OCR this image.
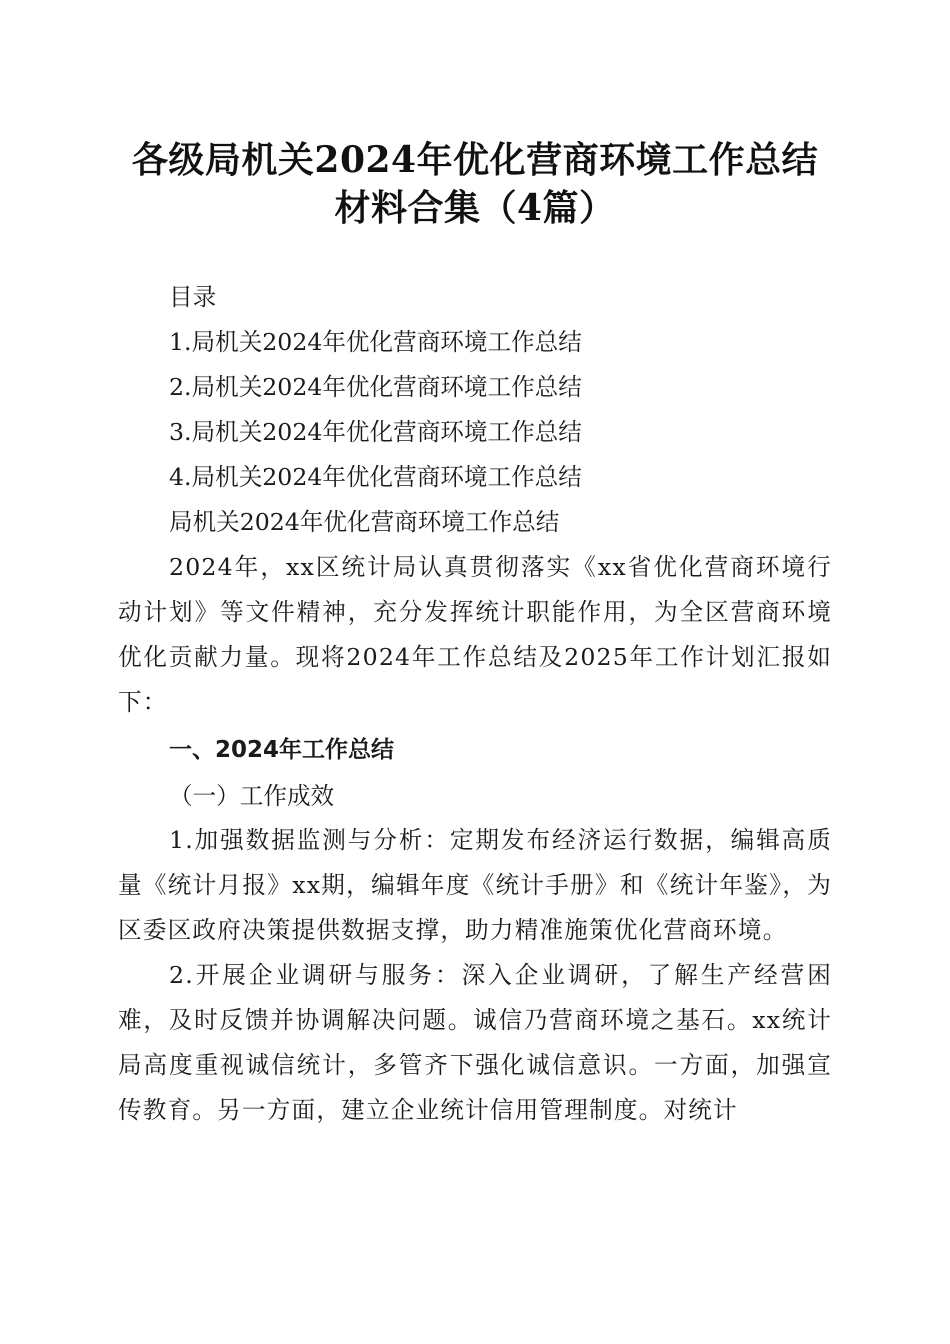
各级局机关2024年优化营商环境工作总结材料合集（4篇）

目录

1.局机关2024年优化营商环境工作总结

2.局机关2024年优化营商环境工作总结

3.局机关2024年优化营商环境工作总结

4.局机关2024年优化营商环境工作总结

局机关2024年优化营商环境工作总结

2024年，xx区统计局认真贯彻落实《xx省优化营商环境行动计划》等文件精神，充分发挥统计职能作用，为全区营商环境优化贡献力量。现将2024年工作总结及2025年工作计划汇报如下：

一、2024年工作总结

（一）工作成效

1.加强数据监测与分析：定期发布经济运行数据，编辑高质量《统计月报》xx期，编辑年度《统计手册》和《统计年鉴》，为区委区政府决策提供数据支撑，助力精准施策优化营商环境。

2.开展企业调研与服务：深入企业调研，了解生产经营困难，及时反馈并协调解决问题。诚信乃营商环境之基石。xx统计局高度重视诚信统计，多管齐下强化诚信意识。一方面，加强宣传教育。另一方面，建立企业统计信用管理制度。对统计
